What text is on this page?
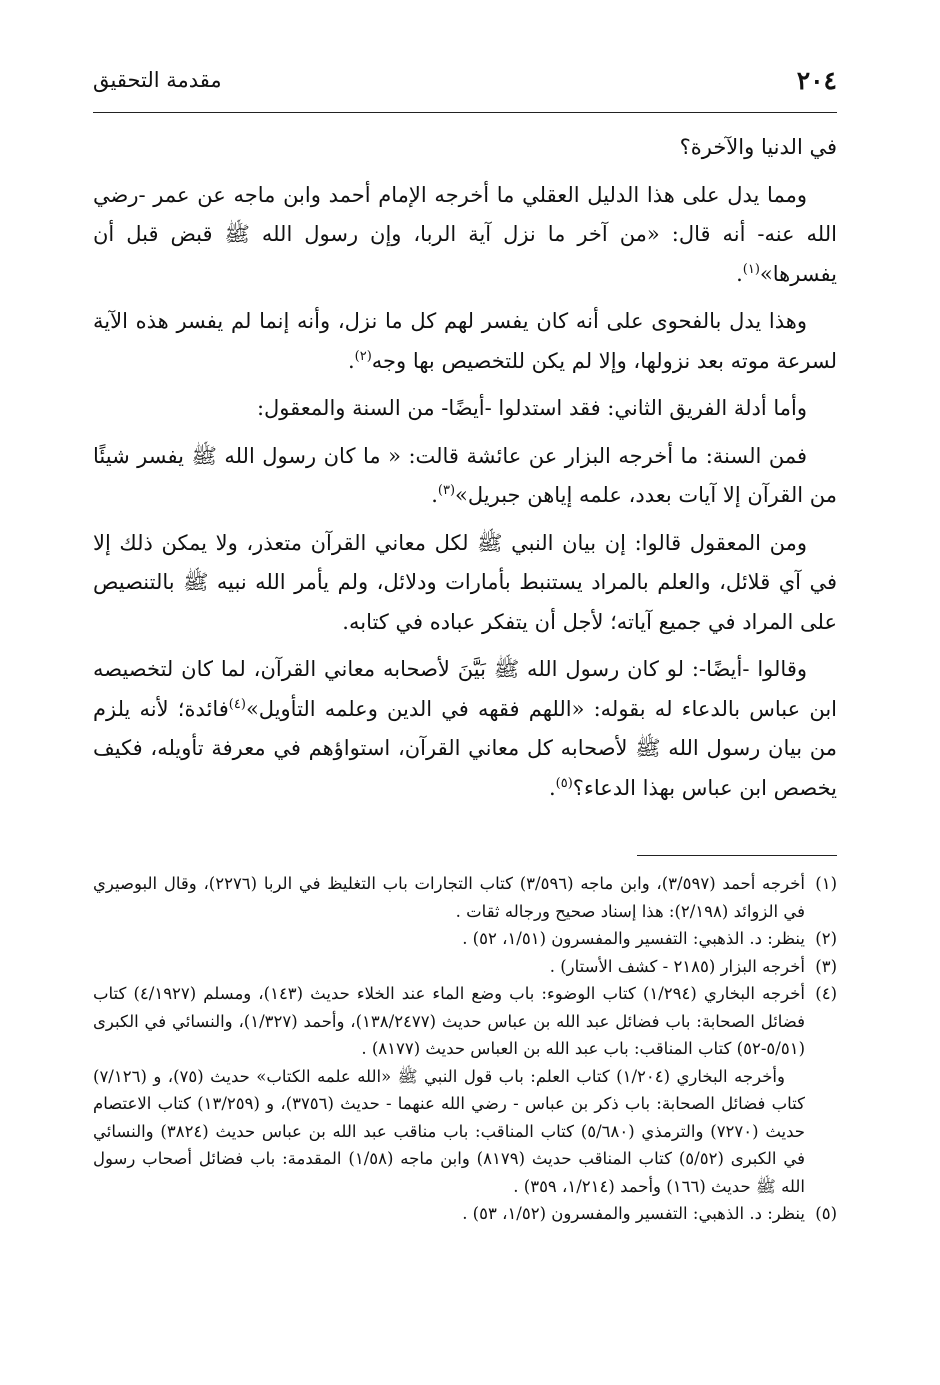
٢٠٤
مقدمة التحقيق

في الدنيا والآخرة؟

ومما يدل على هذا الدليل العقلي ما أخرجه الإمام أحمد وابن ماجه عن عمر -رضي الله عنه- أنه قال: «من آخر ما نزل آية الربا، وإن رسول الله ﷺ قبض قبل أن يفسرها»$^{(١)}$.

وهذا يدل بالفحوى على أنه كان يفسر لهم كل ما نزل، وأنه إنما لم يفسر هذه الآية لسرعة موته بعد نزولها، وإلا لم يكن للتخصيص بها وجه$^{(٢)}$.

وأما أدلة الفريق الثاني: فقد استدلوا -أيضًا- من السنة والمعقول:

فمن السنة: ما أخرجه البزار عن عائشة قالت: « ما كان رسول الله ﷺ يفسر شيئًا من القرآن إلا آيات بعدد، علمه إياهن جبريل»$^{(٣)}$.

ومن المعقول قالوا: إن بيان النبي ﷺ لكل معاني القرآن متعذر، ولا يمكن ذلك إلا في آي قلائل، والعلم بالمراد يستنبط بأمارات ودلائل، ولم يأمر الله نبيه ﷺ بالتنصيص على المراد في جميع آياته؛ لأجل أن يتفكر عباده في كتابه.

وقالوا -أيضًا-: لو كان رسول الله ﷺ بَيَّنَ لأصحابه معاني القرآن، لما كان لتخصيصه ابن عباس بالدعاء له بقوله: «اللهم فقهه في الدين وعلمه التأويل»$^{(٤)}$فائدة؛ لأنه يلزم من بيان رسول الله ﷺ لأصحابه كل معاني القرآن، استواؤهم في معرفة تأويله، فكيف يخصص ابن عباس بهذا الدعاء؟$^{(٥)}$.

(١)
أخرجه أحمد (٣/٥٩٧)، وابن ماجه (٣/٥٩٦) كتاب التجارات باب التغليظ في الربا (٢٢٧٦)، وقال البوصيري في الزوائد (٢/١٩٨): هذا إسناد صحيح ورجاله ثقات .
(٢)
ينظر: د. الذهبي: التفسير والمفسرون (١/٥١، ٥٢) .
(٣)
أخرجه البزار (٢١٨٥ - كشف الأستار) .
(٤)
أخرجه البخاري (١/٢٩٤) كتاب الوضوء: باب وضع الماء عند الخلاء حديث (١٤٣)، ومسلم (٤/١٩٢٧) كتاب فضائل الصحابة: باب فضائل عبد الله بن عباس حديث (١٣٨/٢٤٧٧)، وأحمد (١/٣٢٧)، والنسائي في الكبرى (٥/٥١-٥٢) كتاب المناقب: باب عبد الله بن العباس حديث (٨١٧٧) .
وأخرجه البخاري (١/٢٠٤) كتاب العلم: باب قول النبي ﷺ «الله علمه الكتاب» حديث (٧٥)، و (٧/١٢٦) كتاب فضائل الصحابة: باب ذكر بن عباس - رضي الله عنهما - حديث (٣٧٥٦)، و (١٣/٢٥٩) كتاب الاعتصام حديث (٧٢٧٠) والترمذي (٥/٦٨٠) كتاب المناقب: باب مناقب عبد الله بن عباس حديث (٣٨٢٤) والنسائي في الكبرى (٥/٥٢) كتاب المناقب حديث (٨١٧٩) وابن ماجه (١/٥٨) المقدمة: باب فضائل أصحاب رسول الله ﷺ حديث (١٦٦) وأحمد (١/٢١٤، ٣٥٩) .
(٥)
ينظر: د. الذهبي: التفسير والمفسرون (١/٥٢، ٥٣) .
